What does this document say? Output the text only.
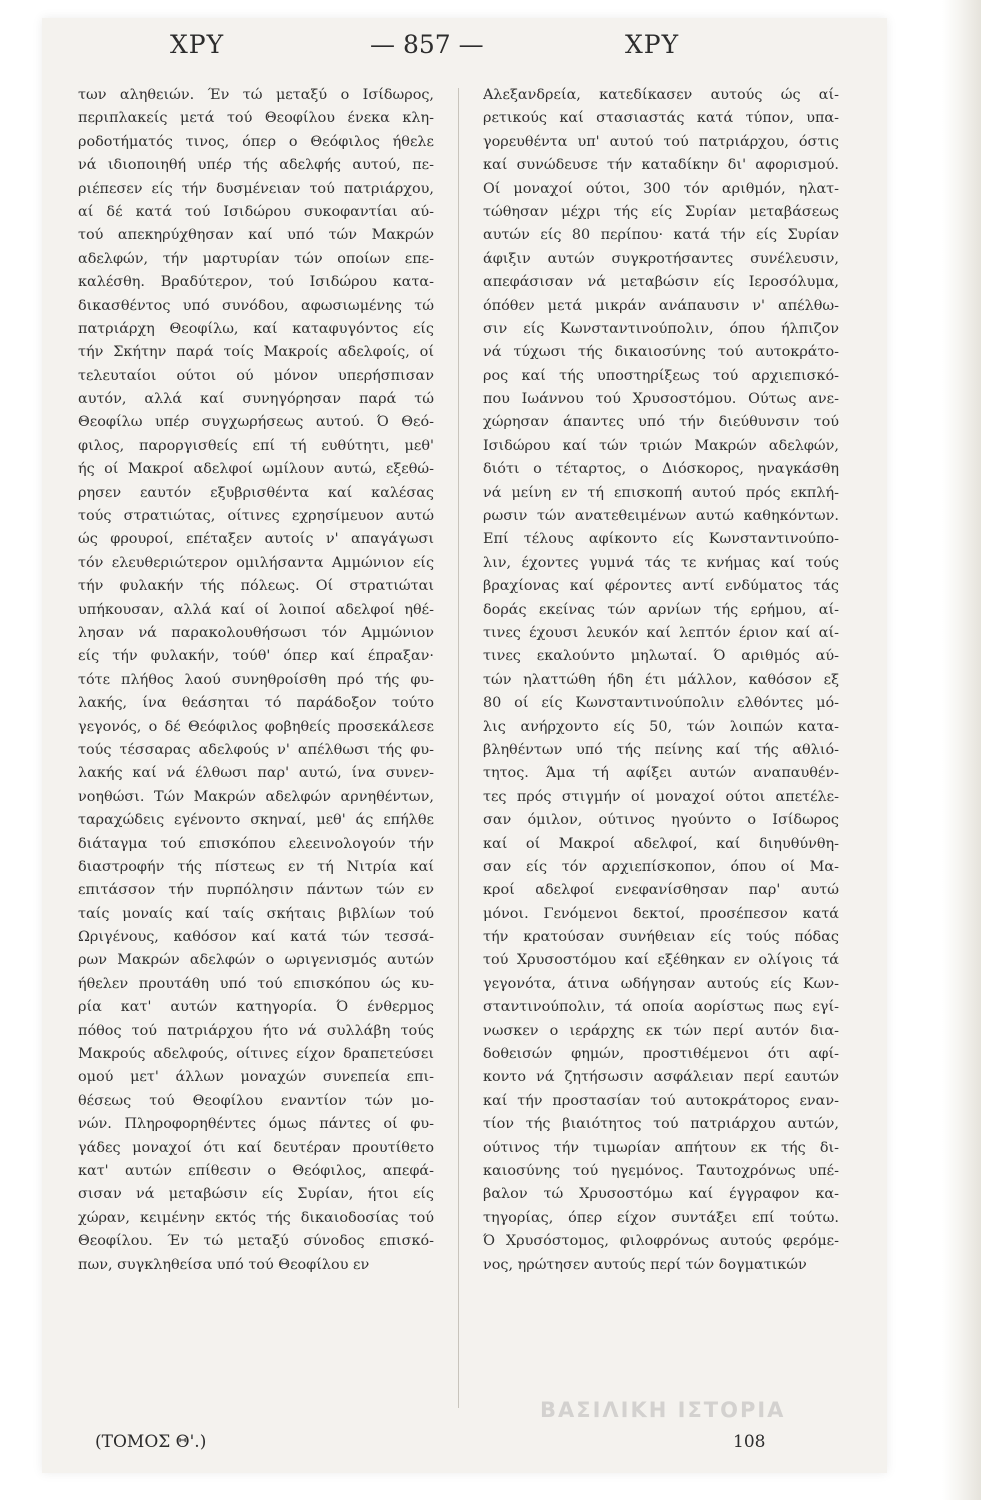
ΧΡΥ	— 857 —	ΧΡΥ
των αληθειών. Έν τώ μεταξύ ο Ισίδωρος,
περιπλακείς μετά τού Θεοφίλου ένεκα κλη-
ροδοτήματός τινος, όπερ ο Θεόφιλος ήθελε
νά ιδιοποιηθή υπέρ τής αδελφής αυτού, πε-
ριέπεσεν είς τήν δυσμένειαν τού πατριάρχου,
αί δέ κατά τού Ισιδώρου συκοφαντίαι αύ-
τού απεκηρύχθησαν καί υπό τών Μακρών
αδελφών, τήν μαρτυρίαν τών οποίων επε-
καλέσθη. Βραδύτερον, τού Ισιδώρου κατα-
δικασθέντος υπό συνόδου, αφωσιωμένης τώ
πατριάρχη Θεοφίλω, καί καταφυγόντος είς
τήν Σκήτην παρά τοίς Μακροίς αδελφοίς, οί
τελευταίοι ούτοι ού μόνον υπερήσπισαν
αυτόν, αλλά καί συνηγόρησαν παρά τώ
Θεοφίλω υπέρ συγχωρήσεως αυτού. Ό Θεό-
φιλος, παροργισθείς επί τή ευθύτητι, μεθ'
ής οί Μακροί αδελφοί ωμίλουν αυτώ, εξεθώ-
ρησεν εαυτόν εξυβρισθέντα καί καλέσας
τούς στρατιώτας, οίτινες εχρησίμευον αυτώ
ώς φρουροί, επέταξεν αυτοίς ν' απαγάγωσι
τόν ελευθεριώτερον ομιλήσαντα Αμμώνιον είς
τήν φυλακήν τής πόλεως. Οί στρατιώται
υπήκουσαν, αλλά καί οί λοιποί αδελφοί ηθέ-
λησαν νά παρακολουθήσωσι τόν Αμμώνιον
είς τήν φυλακήν, τούθ' όπερ καί έπραξαν·
τότε πλήθος λαού συνηθροίσθη πρό τής φυ-
λακής, ίνα θεάσηται τό παράδοξον τούτο
γεγονός, ο δέ Θεόφιλος φοβηθείς προσεκάλεσε
τούς τέσσαρας αδελφούς ν' απέλθωσι τής φυ-
λακής καί νά έλθωσι παρ' αυτώ, ίνα συνεν-
νοηθώσι. Τών Μακρών αδελφών αρνηθέντων,
ταραχώδεις εγένοντο σκηναί, μεθ' άς επήλθε
διάταγμα τού επισκόπου ελεεινολογούν τήν
διαστροφήν τής πίστεως εν τή Νιτρία καί
επιτάσσον τήν πυρπόλησιν πάντων τών εν
ταίς μοναίς καί ταίς σκήταις βιβλίων τού
Ωριγένους, καθόσον καί κατά τών τεσσά-
ρων Μακρών αδελφών ο ωριγενισμός αυτών
ήθελεν προυτάθη υπό τού επισκόπου ώς κυ-
ρία κατ' αυτών κατηγορία. Ό ένθερμος
πόθος τού πατριάρχου ήτο νά συλλάβη τούς
Μακρούς αδελφούς, οίτινες είχον δραπετεύσει
ομού μετ' άλλων μοναχών συνεπεία επι-
θέσεως τού Θεοφίλου εναντίον τών μο-
νών. Πληροφορηθέντες όμως πάντες οί φυ-
γάδες μοναχοί ότι καί δευτέραν προυτίθετο
κατ' αυτών επίθεσιν ο Θεόφιλος, απεφά-
σισαν νά μεταβώσιν είς Συρίαν, ήτοι είς
χώραν, κειμένην εκτός τής δικαιοδοσίας τού
Θεοφίλου. Έν τώ μεταξύ σύνοδος επισκό-
πων, συγκληθείσα υπό τού Θεοφίλου εν
Αλεξανδρεία, κατεδίκασεν αυτούς ώς αί-
ρετικούς καί στασιαστάς κατά τύπον, υπα-
γορευθέντα υπ' αυτού τού πατριάρχου, όστις
καί συνώδευσε τήν καταδίκην δι' αφορισμού.
Οί μοναχοί ούτοι, 300 τόν αριθμόν, ηλατ-
τώθησαν μέχρι τής είς Συρίαν μεταβάσεως
αυτών είς 80 περίπου· κατά τήν είς Συρίαν
άφιξιν αυτών συγκροτήσαντες συνέλευσιν,
απεφάσισαν νά μεταβώσιν είς Ιεροσόλυμα,
όπόθεν μετά μικράν ανάπαυσιν ν' απέλθω-
σιν είς Κωνσταντινούπολιν, όπου ήλπιζον
νά τύχωσι τής δικαιοσύνης τού αυτοκράτο-
ρος καί τής υποστηρίξεως τού αρχιεπισκό-
που Ιωάννου τού Χρυσοστόμου. Ούτως ανε-
χώρησαν άπαντες υπό τήν διεύθυνσιν τού
Ισιδώρου καί τών τριών Μακρών αδελφών,
διότι ο τέταρτος, ο Διόσκορος, ηναγκάσθη
νά μείνη εν τή επισκοπή αυτού πρός εκπλή-
ρωσιν τών ανατεθειμένων αυτώ καθηκόντων.
Επί τέλους αφίκοντο είς Κωνσταντινούπο-
λιν, έχοντες γυμνά τάς τε κνήμας καί τούς
βραχίονας καί φέροντες αντί ενδύματος τάς
δοράς εκείνας τών αρνίων τής ερήμου, αί-
τινες έχουσι λευκόν καί λεπτόν έριον καί αί-
τινες εκαλούντο μηλωταί. Ό αριθμός αύ-
τών ηλαττώθη ήδη έτι μάλλον, καθόσον εξ
80 οί είς Κωνσταντινούπολιν ελθόντες μό-
λις ανήρχοντο είς 50, τών λοιπών κατα-
βληθέντων υπό τής πείνης καί τής αθλιό-
τητος. Άμα τή αφίξει αυτών αναπαυθέν-
τες πρός στιγμήν οί μοναχοί ούτοι απετέλε-
σαν όμιλον, ούτινος ηγούντο ο Ισίδωρος
καί οί Μακροί αδελφοί, καί διηυθύνθη-
σαν είς τόν αρχιεπίσκοπον, όπου οί Μα-
κροί αδελφοί ενεφανίσθησαν παρ' αυτώ
μόνοι. Γενόμενοι δεκτοί, προσέπεσον κατά
τήν κρατούσαν συνήθειαν είς τούς πόδας
τού Χρυσοστόμου καί εξέθηκαν εν ολίγοις τά
γεγονότα, άτινα ωδήγησαν αυτούς είς Κων-
σταντινούπολιν, τά οποία αορίστως πως εγί-
νωσκεν ο ιεράρχης εκ τών περί αυτόν δια-
δοθεισών φημών, προστιθέμενοι ότι αφί-
κοντο νά ζητήσωσιν ασφάλειαν περί εαυτών
καί τήν προστασίαν τού αυτοκράτορος εναν-
τίον τής βιαιότητος τού πατριάρχου αυτών,
ούτινος τήν τιμωρίαν απήτουν εκ τής δι-
καιοσύνης τού ηγεμόνος. Ταυτοχρόνως υπέ-
βαλον τώ Χρυσοστόμω καί έγγραφον κα-
τηγορίας, όπερ είχον συντάξει επί τούτω.
Ό Χρυσόστομος, φιλοφρόνως αυτούς φερόμε-
νος, ηρώτησεν αυτούς περί τών δογματικών
ΒΑΣΙΛΙΚΗ ΙΣΤΟΡΙΑ
(ΤΟΜΟΣ Θ'.)	108
